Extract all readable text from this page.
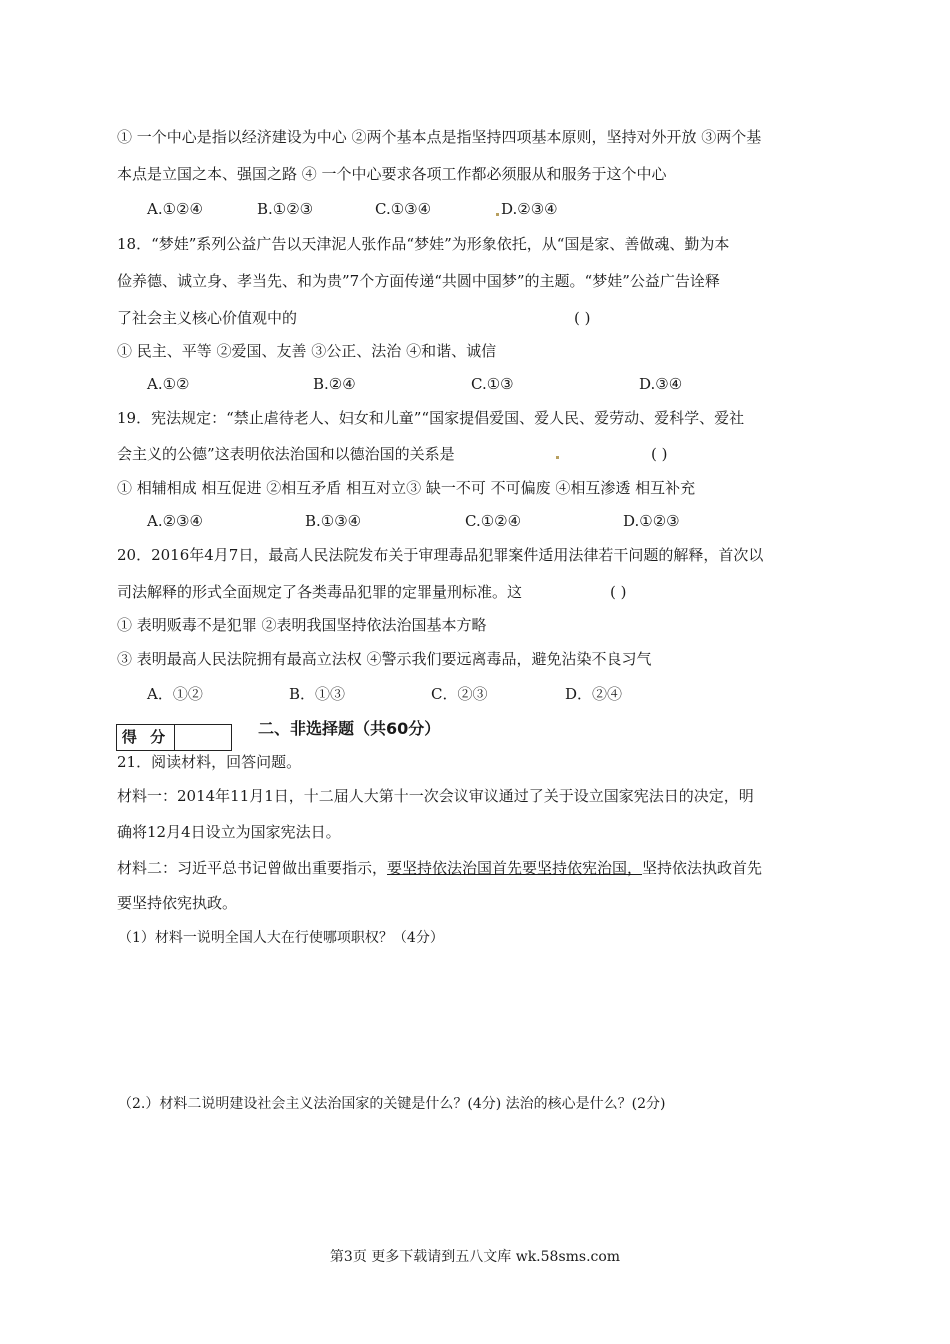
① 一个中心是指以经济建设为中心 ②两个基本点是指坚持四项基本原则，坚持对外开放 ③两个基
本点是立国之本、强国之路 ④ 一个中心要求各项工作都必须服从和服务于这个中心
A.①②④	B.①②③	C.①③④	D.②③④
18．“梦娃”系列公益广告以天津泥人张作品“梦娃”为形象依托，从“国是家、善做魂、勤为本
俭养德、诚立身、孝当先、和为贵”7个方面传递“共圆中国梦”的主题。“梦娃”公益广告诠释
了社会主义核心价值观中的	( )
① 民主、平等 ②爱国、友善 ③公正、法治 ④和谐、诚信
A.①②	B.②④	C.①③	D.③④
19．宪法规定：“禁止虐待老人、妇女和儿童”“国家提倡爱国、爱人民、爱劳动、爱科学、爱社
会主义的公德”这表明依法治国和以德治国的关系是	( )
① 相辅相成 相互促进 ②相互矛盾 相互对立③ 缺一不可 不可偏废 ④相互渗透 相互补充
A.②③④	B.①③④	C.①②④	D.①②③
20．2016年4月7日，最高人民法院发布关于审理毒品犯罪案件适用法律若干问题的解释，首次以
司法解释的形式全面规定了各类毒品犯罪的定罪量刑标准。这	( )
① 表明贩毒不是犯罪 ②表明我国坚持依法治国基本方略
③ 表明最高人民法院拥有最高立法权 ④警示我们要远离毒品，避免沾染不良习气
A．①②	B．①③	C．②③	D．②④
得 分	二、非选择题（共60分）
21．阅读材料，回答问题。
材料一：2014年11月1日，十二届人大第十一次会议审议通过了关于设立国家宪法日的决定，明
确将12月4日设立为国家宪法日。
材料二：习近平总书记曾做出重要指示，要坚持依法治国首先要坚持依宪治国，坚持依法执政首先
要坚持依宪执政。
（1）材料一说明全国人大在行使哪项职权？（4分）
（2.）材料二说明建设社会主义法治国家的关键是什么？(4分) 法治的核心是什么？(2分)
第3页 更多下载请到五八文库 wk.58sms.com
